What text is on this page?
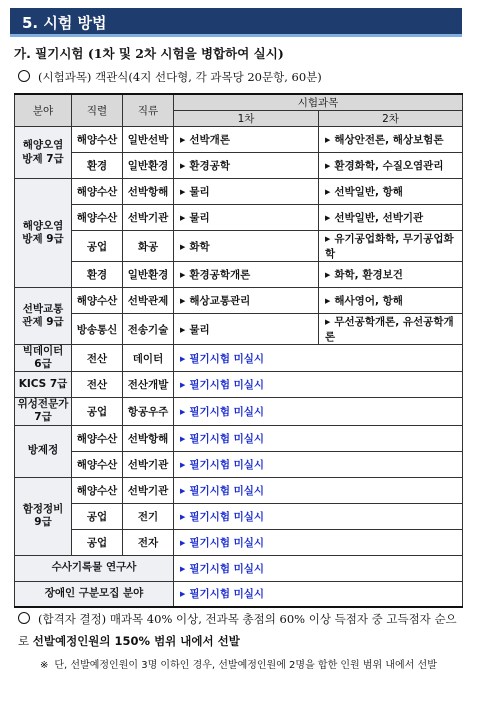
5. 시험 방법
가. 필기시험 (1차 및 2차 시험을 병합하여 실시)
(시험과목) 객관식(4지 선다형, 각 과목당 20문항, 60분)
분야	직렬	직류	시험과목	
			1차	2차
해양오염
방제 7급	해양수산	일반선박	▶ 선박개론	▶ 해상안전론, 해상보험론
	환경	일반환경	▶ 환경공학	▶ 환경화학, 수질오염관리
해양오염
방제 9급	해양수산	선박항해	▶ 물리	▶ 선박일반, 항해
	해양수산	선박기관	▶ 물리	▶ 선박일반, 선박기관
	공업	화공	▶ 화학	▶ 유기공업화학, 무기공업화학
	환경	일반환경	▶ 환경공학개론	▶ 화학, 환경보건
선박교통
관제 9급	해양수산	선박관제	▶ 해상교통관리	▶ 해사영어, 항해
	방송통신	전송기술	▶ 물리	▶ 무선공학개론, 유선공학개론
빅데이터
6급	전산	데이터	▶ 필기시험 미실시	
KICS 7급	전산	전산개발	▶ 필기시험 미실시	
위성전문가
7급	공업	항공우주	▶ 필기시험 미실시	
방제정	해양수산	선박항해	▶ 필기시험 미실시	
	해양수산	선박기관	▶ 필기시험 미실시	
함정정비
9급	해양수산	선박기관	▶ 필기시험 미실시	
	공업	전기	▶ 필기시험 미실시	
	공업	전자	▶ 필기시험 미실시	
수사기록물 연구사			▶ 필기시험 미실시	
장애인 구분모집 분야			▶ 필기시험 미실시	
(합격자 결정) 매과목 40% 이상, 전과목 총점의 60% 이상 득점자 중 고득점자 순으로 선발예정인원의 150% 범위 내에서 선발
※ 단, 선발예정인원이 3명 이하인 경우, 선발예정인원에 2명을 합한 인원 범위 내에서 선발
